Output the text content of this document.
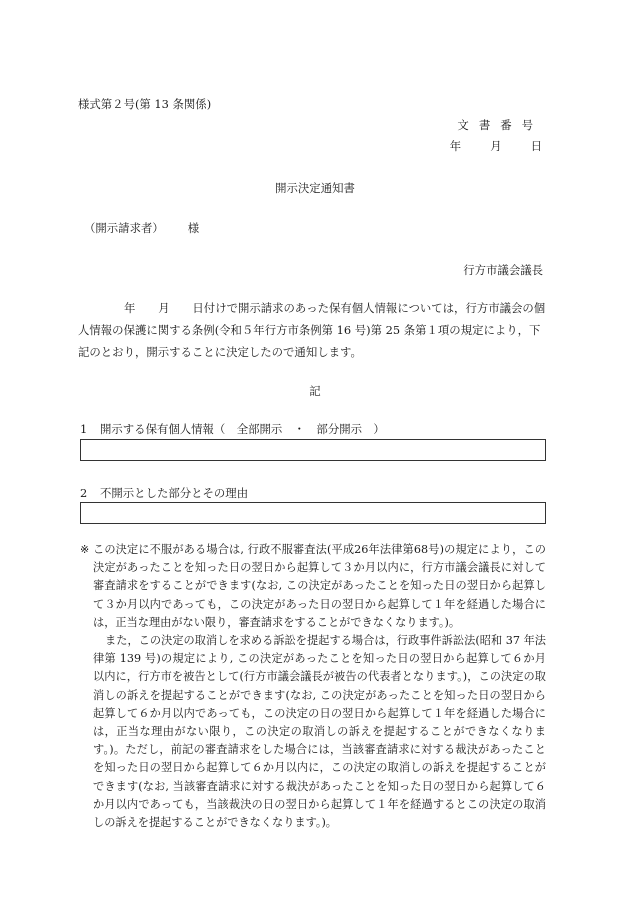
様式第２号(第 13 条関係)
文書番号
年 月 日
開示決定通知書
（開示請求者） 様
行方市議会議長
年　　 月　　 日付けで開示請求のあった保有個人情報については，行方市議会の個人情報の保護に関する条例(令和５年行方市条例第 16 号)第 25 条第１項の規定により，下記のとおり，開示することに決定したので通知します。
記
1 開示する保有個人情報（　全部開示　・　部分開示　）
2 不開示とした部分とその理由
※ この決定に不服がある場合は, 行政不服審査法(平成26年法律第68号)の規定により，この決定があったことを知った日の翌日から起算して３か月以内に，行方市議会議長に対して審査請求をすることができます(なお, この決定があったことを知った日の翌日から起算して３か月以内であっても，この決定があった日の翌日から起算して１年を経過した場合には，正当な理由がない限り，審査請求をすることができなくなります。)。

また，この決定の取消しを求める訴訟を提起する場合は，行政事件訴訟法(昭和 37 年法律第 139 号)の規定により, この決定があったことを知った日の翌日から起算して６か月以内に，行方市を被告として(行方市議会議長が被告の代表者となります。)，この決定の取消しの訴えを提起することができます(なお, この決定があったことを知った日の翌日から起算して６か月以内であっても，この決定の日の翌日から起算して１年を経過した場合には，正当な理由がない限り，この決定の取消しの訴えを提起することができなくなります。)。ただし，前記の審査請求をした場合には，当該審査請求に対する裁決があったことを知った日の翌日から起算して６か月以内に，この決定の取消しの訴えを提起することができます(なお, 当該審査請求に対する裁決があったことを知った日の翌日から起算して６か月以内であっても，当該裁決の日の翌日から起算して１年を経過するとこの決定の取消しの訴えを提起することができなくなります。)。
